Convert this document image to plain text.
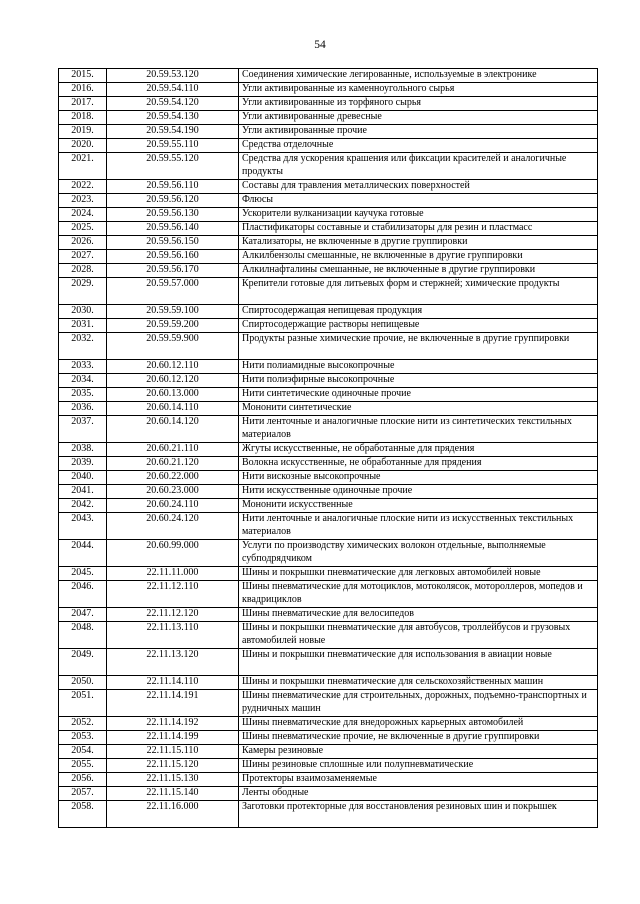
54
2015.	20.59.53.120	Соединения химические легированные, используемые в электронике
2016.	20.59.54.110	Угли активированные из каменноугольного сырья
2017.	20.59.54.120	Угли активированные из торфяного сырья
2018.	20.59.54.130	Угли активированные древесные
2019.	20.59.54.190	Угли активированные прочие
2020.	20.59.55.110	Средства отделочные
2021.	20.59.55.120	Средства для ускорения крашения или фиксации красителей и аналогичные продукты
2022.	20.59.56.110	Составы для травления металлических поверхностей
2023.	20.59.56.120	Флюсы
2024.	20.59.56.130	Ускорители вулканизации каучука готовые
2025.	20.59.56.140	Пластификаторы составные и стабилизаторы для резин и пластмасс
2026.	20.59.56.150	Катализаторы, не включенные в другие группировки
2027.	20.59.56.160	Алкилбензолы смешанные, не включенные в другие группировки
2028.	20.59.56.170	Алкилнафталины смешанные, не включенные в другие группировки
2029.	20.59.57.000	Крепители готовые для литьевых форм и стержней; химические продукты
2030.	20.59.59.100	Спиртосодержащая непищевая продукция
2031.	20.59.59.200	Спиртосодержащие растворы непищевые
2032.	20.59.59.900	Продукты разные химические прочие, не включенные в другие группировки
2033.	20.60.12.110	Нити полиамидные высокопрочные
2034.	20.60.12.120	Нити полиэфирные высокопрочные
2035.	20.60.13.000	Нити синтетические одиночные прочие
2036.	20.60.14.110	Мононити синтетические
2037.	20.60.14.120	Нити ленточные и аналогичные плоские нити из синтетических текстильных материалов
2038.	20.60.21.110	Жгуты искусственные, не обработанные для прядения
2039.	20.60.21.120	Волокна искусственные, не обработанные для прядения
2040.	20.60.22.000	Нити вискозные высокопрочные
2041.	20.60.23.000	Нити искусственные одиночные прочие
2042.	20.60.24.110	Мононити искусственные
2043.	20.60.24.120	Нити ленточные и аналогичные плоские нити из искусственных текстильных материалов
2044.	20.60.99.000	Услуги по производству химических волокон отдельные, выполняемые субподрядчиком
2045.	22.11.11.000	Шины и покрышки пневматические для легковых автомобилей новые
2046.	22.11.12.110	Шины пневматические для мотоциклов, мотоколясок, мотороллеров, мопедов и квадрициклов
2047.	22.11.12.120	Шины пневматические для велосипедов
2048.	22.11.13.110	Шины и покрышки пневматические для автобусов, троллейбусов и грузовых автомобилей новые
2049.	22.11.13.120	Шины и покрышки пневматические для использования в авиации новые
2050.	22.11.14.110	Шины и покрышки пневматические для сельскохозяйственных машин
2051.	22.11.14.191	Шины пневматические для строительных, дорожных, подъемно-транспортных и рудничных машин
2052.	22.11.14.192	Шины пневматические для внедорожных карьерных автомобилей
2053.	22.11.14.199	Шины пневматические прочие, не включенные в другие группировки
2054.	22.11.15.110	Камеры резиновые
2055.	22.11.15.120	Шины резиновые сплошные или полупневматические
2056.	22.11.15.130	Протекторы взаимозаменяемые
2057.	22.11.15.140	Ленты ободные
2058.	22.11.16.000	Заготовки протекторные для восстановления резиновых шин и покрышек
